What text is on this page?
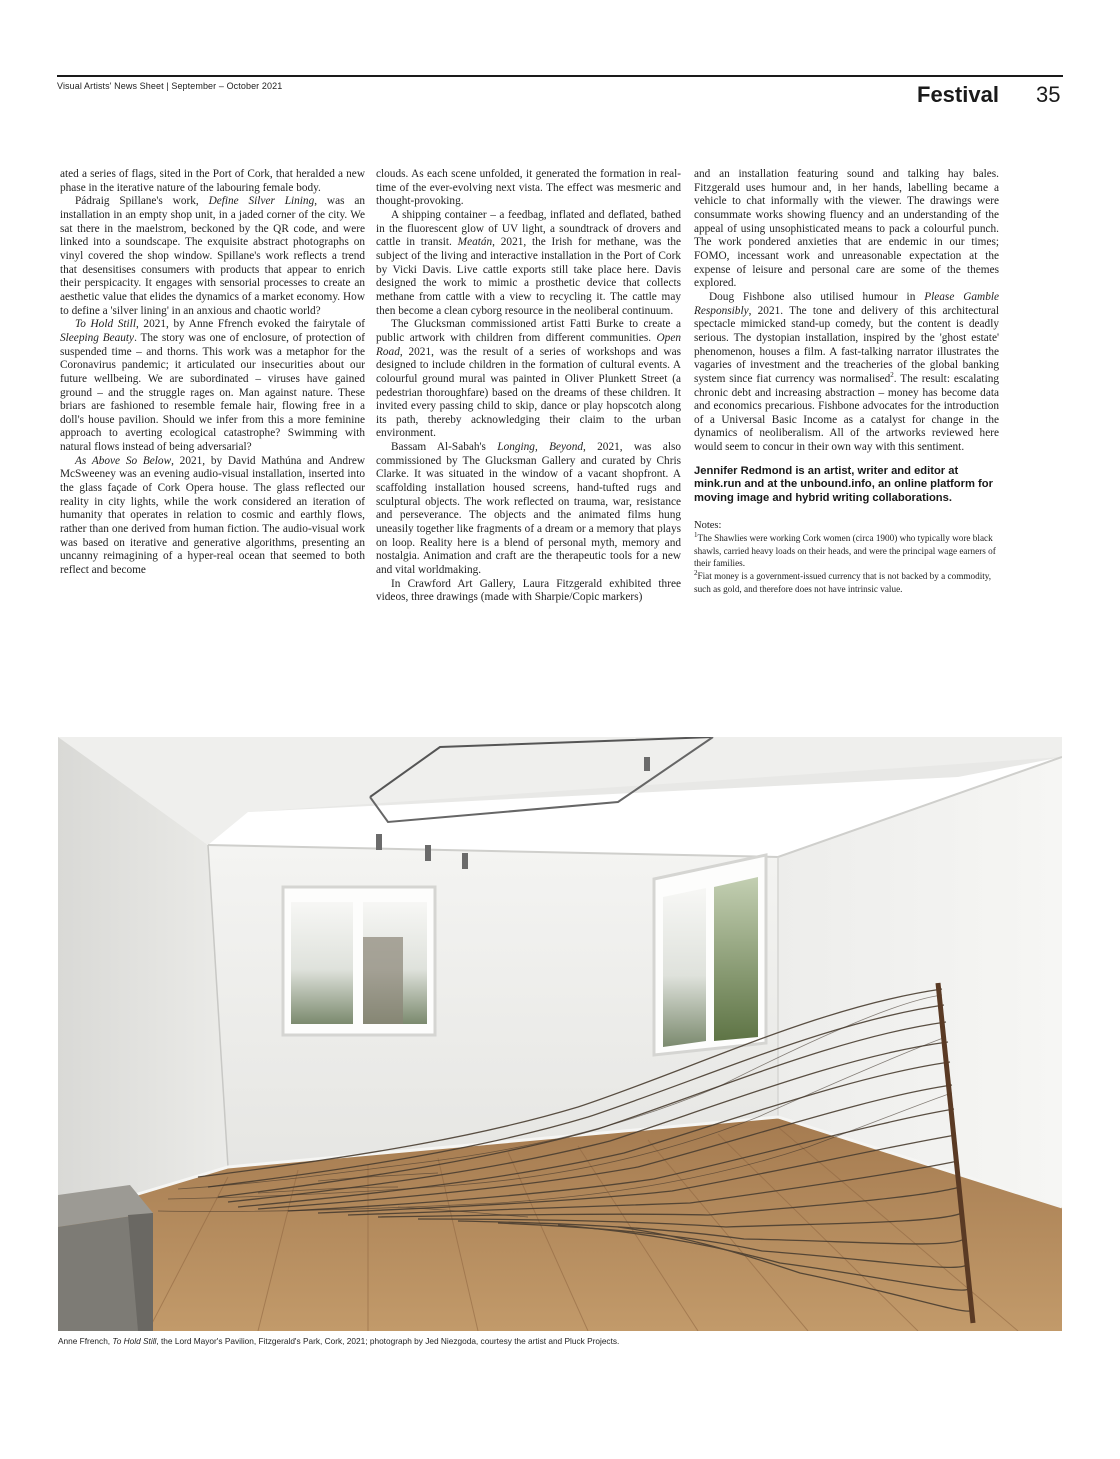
Visual Artists' News Sheet | September – October 2021	Festival 35

ated a series of flags, sited in the Port of Cork, that heralded a new phase in the iterative nature of the labouring female body.

Pádraig Spillane's work, Define Silver Lining, was an installation in an empty shop unit, in a jaded corner of the city. We sat there in the maelstrom, beckoned by the QR code, and were linked into a soundscape. The exquisite abstract photographs on vinyl covered the shop window. Spillane's work reflects a trend that desensitises consumers with products that appear to enrich their perspicacity. It engages with sensorial processes to create an aesthetic value that elides the dynamics of a market economy. How to define a 'silver lining' in an anxious and chaotic world?

To Hold Still, 2021, by Anne Ffrench evoked the fairytale of Sleeping Beauty. The story was one of enclosure, of protection of suspended time – and thorns. This work was a metaphor for the Coronavirus pandemic; it articulated our insecurities about our future wellbeing. We are subordinated – viruses have gained ground – and the struggle rages on. Man against nature. These briars are fashioned to resemble female hair, flowing free in a doll's house pavilion. Should we infer from this a more feminine approach to averting ecological catastrophe? Swimming with natural flows instead of being adversarial?

As Above So Below, 2021, by David Mathúna and Andrew McSweeney was an evening audio-visual installation, inserted into the glass façade of Cork Opera house. The glass reflected our reality in city lights, while the work considered an iteration of humanity that operates in relation to cosmic and earthly flows, rather than one derived from human fiction. The audio-visual work was based on iterative and generative algorithms, presenting an uncanny reimagining of a hyper-real ocean that seemed to both reflect and become

clouds. As each scene unfolded, it generated the formation in real-time of the ever-evolving next vista. The effect was mesmeric and thought-provoking.

A shipping container – a feedbag, inflated and deflated, bathed in the fluorescent glow of UV light, a soundtrack of drovers and cattle in transit. Meatán, 2021, the Irish for methane, was the subject of the living and interactive installation in the Port of Cork by Vicki Davis. Live cattle exports still take place here. Davis designed the work to mimic a prosthetic device that collects methane from cattle with a view to recycling it. The cattle may then become a clean cyborg resource in the neoliberal continuum.

The Glucksman commissioned artist Fatti Burke to create a public artwork with children from different communities. Open Road, 2021, was the result of a series of workshops and was designed to include children in the formation of cultural events. A colourful ground mural was painted in Oliver Plunkett Street (a pedestrian thoroughfare) based on the dreams of these children. It invited every passing child to skip, dance or play hopscotch along its path, thereby acknowledging their claim to the urban environment.

Bassam Al-Sabah's Longing, Beyond, 2021, was also commissioned by The Glucksman Gallery and curated by Chris Clarke. It was situated in the window of a vacant shopfront. A scaffolding installation housed screens, hand-tufted rugs and sculptural objects. The work reflected on trauma, war, resistance and perseverance. The objects and the animated films hung uneasily together like fragments of a dream or a memory that plays on loop. Reality here is a blend of personal myth, memory and nostalgia. Animation and craft are the therapeutic tools for a new and vital worldmaking.

In Crawford Art Gallery, Laura Fitzgerald exhibited three videos, three drawings (made with Sharpie/Copic markers)

and an installation featuring sound and talking hay bales. Fitzgerald uses humour and, in her hands, labelling became a vehicle to chat informally with the viewer. The drawings were consummate works showing fluency and an understanding of the appeal of using unsophisticated means to pack a colourful punch. The work pondered anxieties that are endemic in our times; FOMO, incessant work and unreasonable expectation at the expense of leisure and personal care are some of the themes explored.

Doug Fishbone also utilised humour in Please Gamble Responsibly, 2021. The tone and delivery of this architectural spectacle mimicked stand-up comedy, but the content is deadly serious. The dystopian installation, inspired by the 'ghost estate' phenomenon, houses a film. A fast-talking narrator illustrates the vagaries of investment and the treacheries of the global banking system since fiat currency was normalised$^2$. The result: escalating chronic debt and increasing abstraction – money has become data and economics precarious. Fishbone advocates for the introduction of a Universal Basic Income as a catalyst for change in the dynamics of neoliberalism. All of the artworks reviewed here would seem to concur in their own way with this sentiment.

Jennifer Redmond is an artist, writer and editor at mink.run and at the unbound.info, an online platform for moving image and hybrid writing collaborations.

Notes:

$^1$The Shawlies were working Cork women (circa 1900) who typically wore black shawls, carried heavy loads on their heads, and were the principal wage earners of their families.

$^2$Fiat money is a government-issued currency that is not backed by a commodity, such as gold, and therefore does not have intrinsic value.

Anne Ffrench, To Hold Still, the Lord Mayor's Pavilion, Fitzgerald's Park, Cork, 2021; photograph by Jed Niezgoda, courtesy the artist and Pluck Projects.
